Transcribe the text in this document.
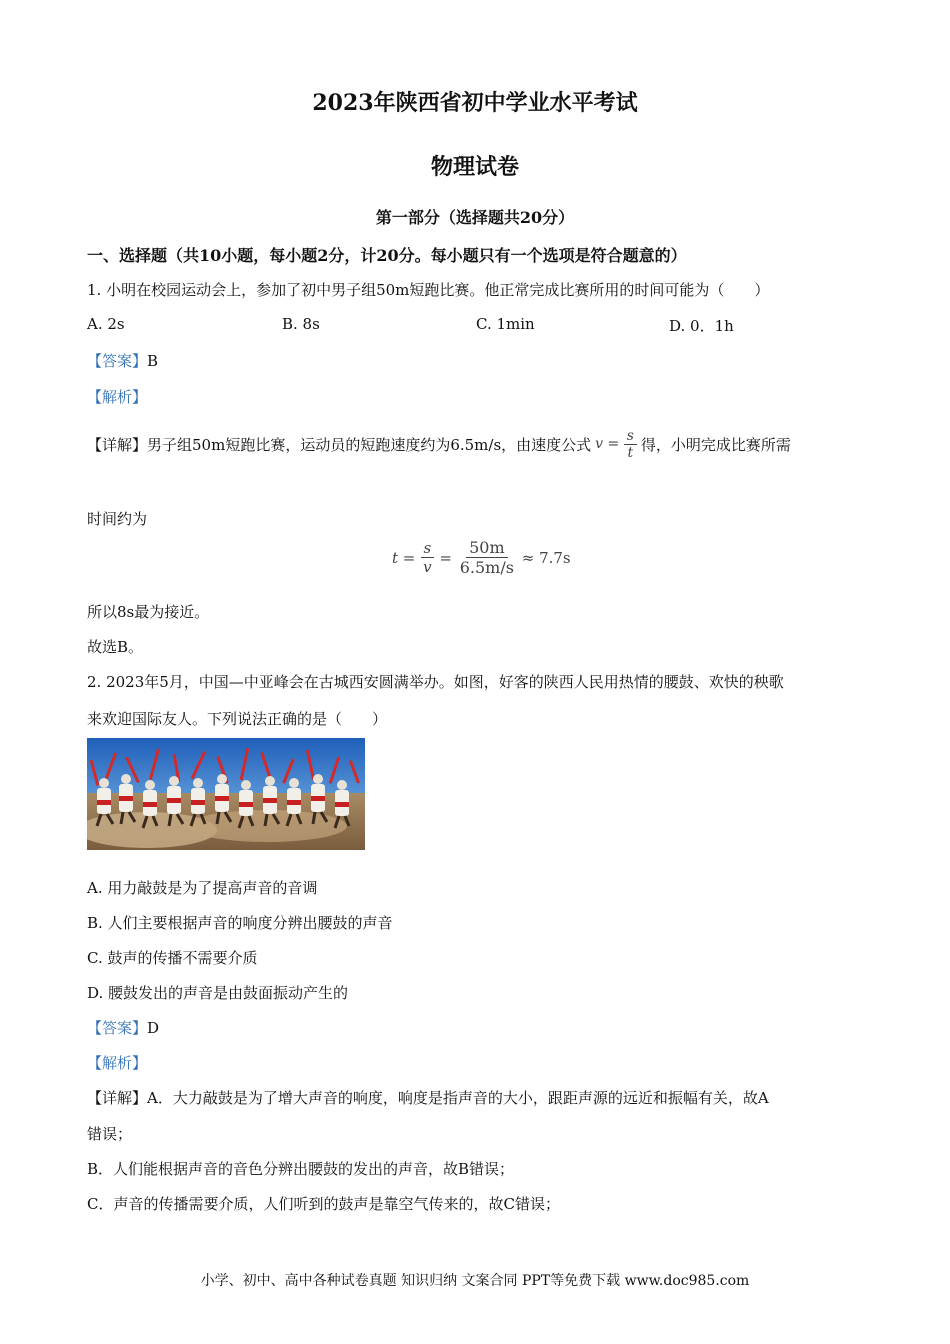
2023年陕西省初中学业水平考试
物理试卷
第一部分（选择题共20分）
一、选择题（共10小题，每小题2分，计20分。每小题只有一个选项是符合题意的）
1. 小明在校园运动会上，参加了初中男子组50m短跑比赛。他正常完成比赛所用的时间可能为（　　）
A. 2s	B. 8s	C. 1min	D. 0．1h
【答案】B
【解析】
【详解】 男子组50m短跑比赛，运动员的短跑速度约为6.5m/s，由速度公式 $v = \frac{s}{t}$ 得，小明完成比赛所需
时间约为
$t = \frac{s}{v} = \frac{50m}{6.5m/s}$
≈ 7.7s
所以8s最为接近。
故选B。
2. 2023年5月，中国—中亚峰会在古城西安圆满举办。如图，好客的陕西人民用热情的腰鼓、欢快的秧歌
来欢迎国际友人。下列说法正确的是（　　）
A. 用力敲鼓是为了提高声音的音调
B. 人们主要根据声音的响度分辨出腰鼓的声音
C. 鼓声的传播不需要介质
D. 腰鼓发出的声音是由鼓面振动产生的
【答案】D
【解析】
【详解】A．大力敲鼓是为了增大声音的响度，响度是指声音的大小，跟距声源的远近和振幅有关，故A
错误；
B．人们能根据声音的音色分辨出腰鼓的发出的声音，故B错误；
C．声音的传播需要介质，人们听到的鼓声是靠空气传来的，故C错误；
小学、初中、高中各种试卷真题 知识归纳 文案合同 PPT等免费下载 www.doc985.com
